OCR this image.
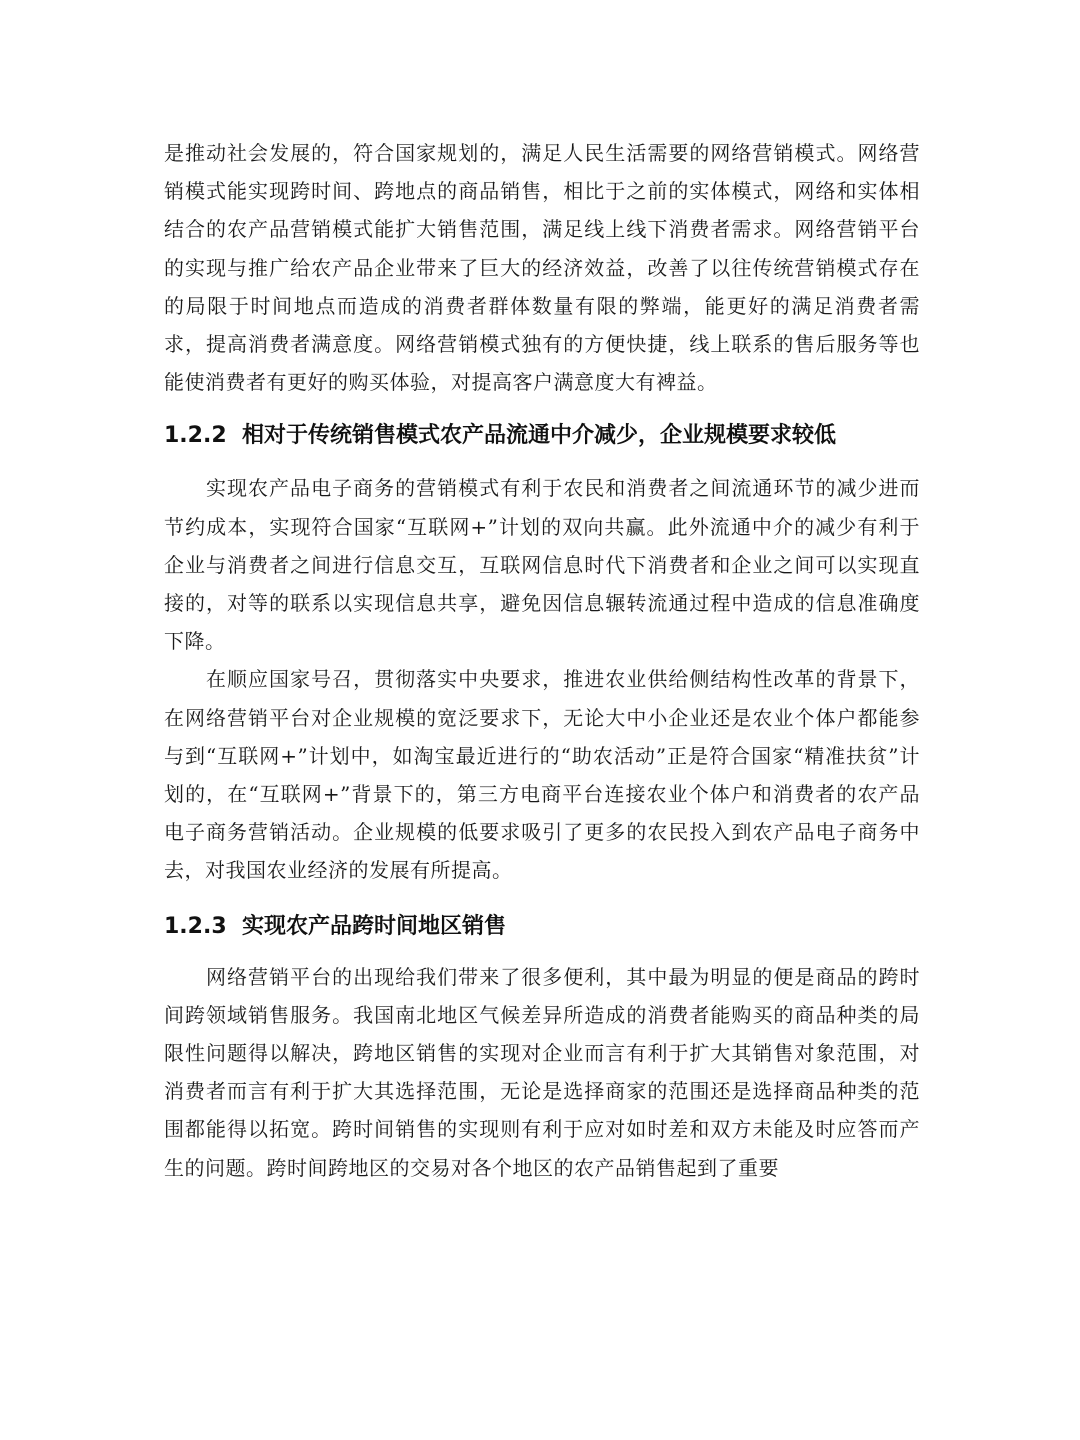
是推动社会发展的，符合国家规划的，满足人民生活需要的网络营销模式。网络营销模式能实现跨时间、跨地点的商品销售，相比于之前的实体模式，网络和实体相结合的农产品营销模式能扩大销售范围，满足线上线下消费者需求。网络营销平台的实现与推广给农产品企业带来了巨大的经济效益，改善了以往传统营销模式存在的局限于时间地点而造成的消费者群体数量有限的弊端，能更好的满足消费者需求，提高消费者满意度。网络营销模式独有的方便快捷，线上联系的售后服务等也能使消费者有更好的购买体验，对提高客户满意度大有裨益。

1.2.2 相对于传统销售模式农产品流通中介减少，企业规模要求较低

实现农产品电子商务的营销模式有利于农民和消费者之间流通环节的减少进而节约成本，实现符合国家“互联网+”计划的双向共赢。此外流通中介的减少有利于企业与消费者之间进行信息交互，互联网信息时代下消费者和企业之间可以实现直接的，对等的联系以实现信息共享，避免因信息辗转流通过程中造成的信息准确度下降。

在顺应国家号召，贯彻落实中央要求，推进农业供给侧结构性改革的背景下，在网络营销平台对企业规模的宽泛要求下，无论大中小企业还是农业个体户都能参与到“互联网+”计划中，如淘宝最近进行的“助农活动”正是符合国家“精准扶贫”计划的，在“互联网+”背景下的，第三方电商平台连接农业个体户和消费者的农产品电子商务营销活动。企业规模的低要求吸引了更多的农民投入到农产品电子商务中去，对我国农业经济的发展有所提高。

1.2.3 实现农产品跨时间地区销售

网络营销平台的出现给我们带来了很多便利，其中最为明显的便是商品的跨时间跨领域销售服务。我国南北地区气候差异所造成的消费者能购买的商品种类的局限性问题得以解决，跨地区销售的实现对企业而言有利于扩大其销售对象范围，对消费者而言有利于扩大其选择范围，无论是选择商家的范围还是选择商品种类的范围都能得以拓宽。跨时间销售的实现则有利于应对如时差和双方未能及时应答而产生的问题。跨时间跨地区的交易对各个地区的农产品销售起到了重要
